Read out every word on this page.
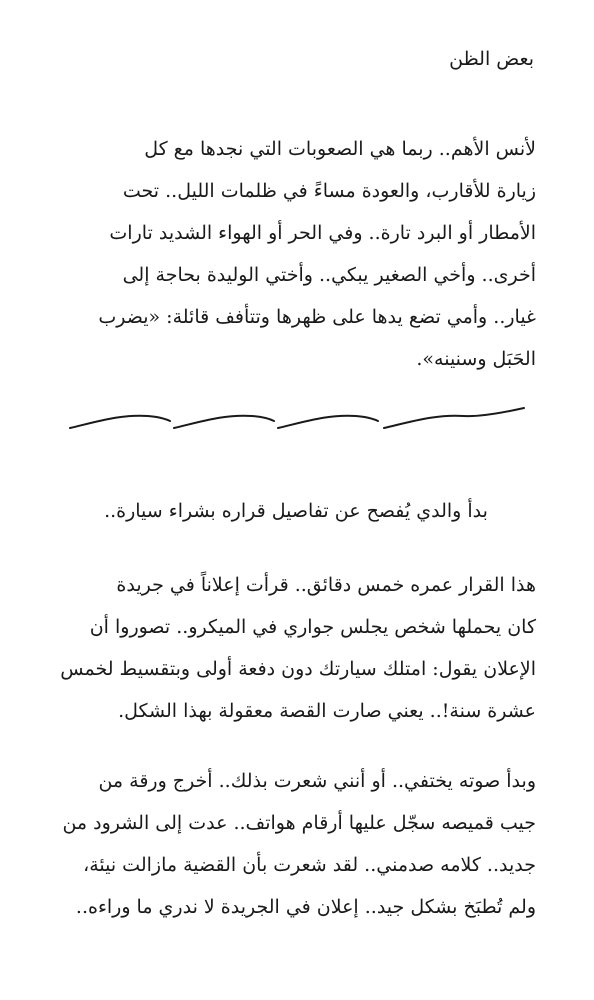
بعض الظن
لأنس الأهم.. ربما هي الصعوبات التي نجدها مع كل
زيارة للأقارب، والعودة مساءً في ظلمات الليل.. تحت
الأمطار أو البرد تارة.. وفي الحر أو الهواء الشديد تارات
أخرى.. وأخي الصغير يبكي.. وأختي الوليدة بحاجة إلى
غيار.. وأمي تضع يدها على ظهرها وتتأفف قائلة: «يضرب
الحَبَل وسنينه».
بدأ والدي يُفصح عن تفاصيل قراره بشراء سيارة..
هذا القرار عمره خمس دقائق.. قرأت إعلاناً في جريدة
كان يحملها شخص يجلس جواري في الميكرو.. تصوروا أن
الإعلان يقول: امتلك سيارتك دون دفعة أولى وبتقسيط لخمس
عشرة سنة!.. يعني صارت القصة معقولة بهذا الشكل.
وبدأ صوته يختفي.. أو أنني شعرت بذلك.. أخرج ورقة من
جيب قميصه سجّل عليها أرقام هواتف.. عدت إلى الشرود من
جديد.. كلامه صدمني.. لقد شعرت بأن القضية مازالت نيئة،
ولم تُطبَخ بشكل جيد.. إعلان في الجريدة لا ندري ما وراءه..
